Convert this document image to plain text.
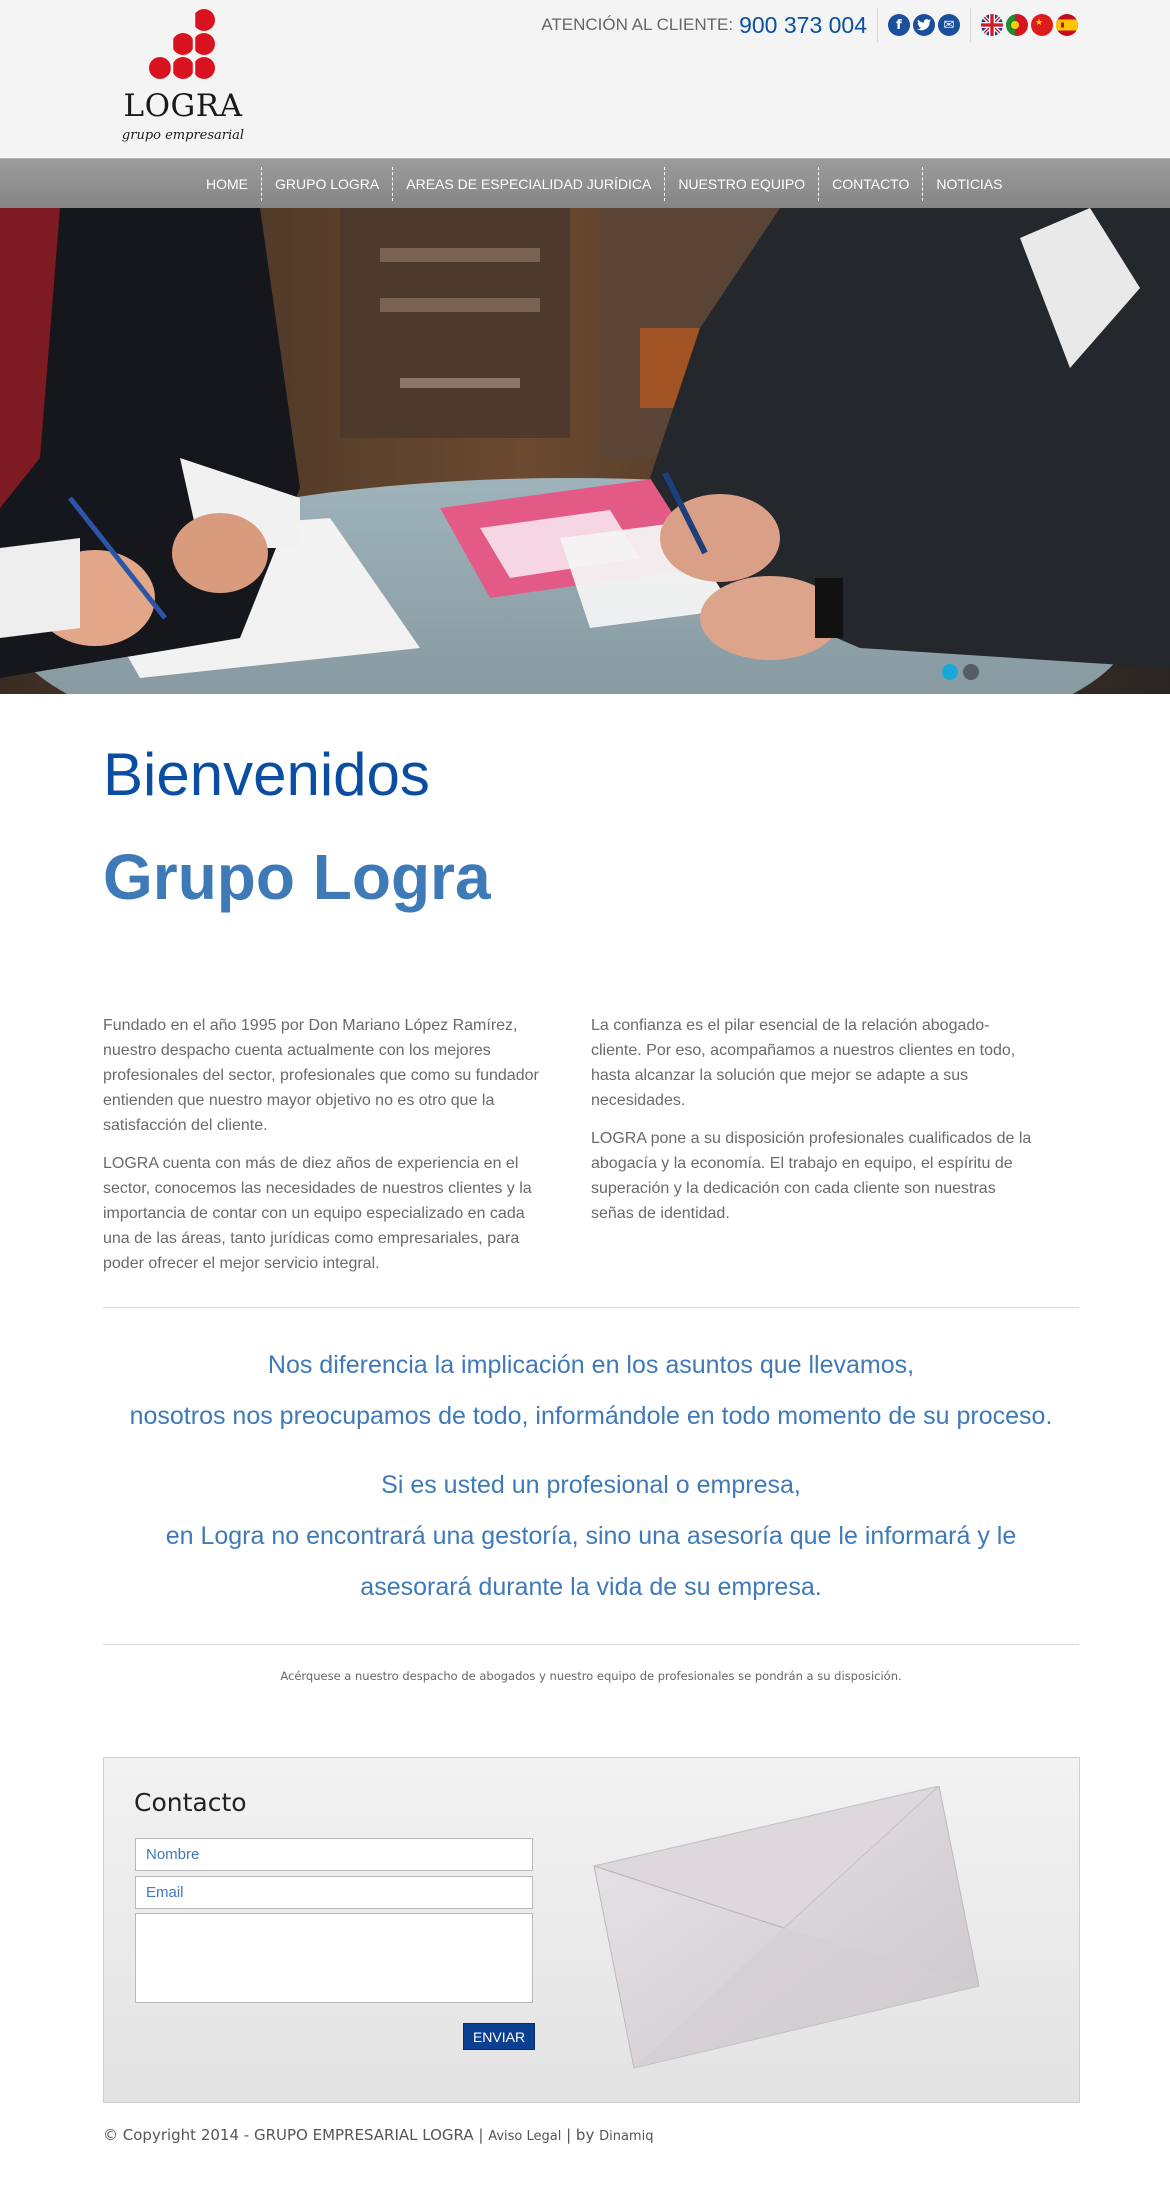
LOGRA
grupo empresarial
ATENCIÓN AL CLIENTE: 900 373 004	f	✉	★
HOME	GRUPO LOGRA	AREAS DE ESPECIALIDAD JURÍDICA	NUESTRO EQUIPO	CONTACTO	NOTICIAS
Bienvenidos
Grupo Logra

Fundado en el año 1995 por Don Mariano López Ramírez, nuestro despacho cuenta actualmente con los mejores profesionales del sector, profesionales que como su fundador entienden que nuestro mayor objetivo no es otro que la satisfacción del cliente.

LOGRA cuenta con más de diez años de experiencia en el sector, conocemos las necesidades de nuestros clientes y la importancia de contar con un equipo especializado en cada una de las áreas, tanto jurídicas como empresariales, para poder ofrecer el mejor servicio integral.

La confianza es el pilar esencial de la relación abogado-cliente. Por eso, acompañamos a nuestros clientes en todo, hasta alcanzar la solución que mejor se adapte a sus necesidades.

LOGRA pone a su disposición profesionales cualificados de la abogacía y la economía. El trabajo en equipo, el espíritu de superación y la dedicación con cada cliente son nuestras señas de identidad.

Nos diferencia la implicación en los asuntos que llevamos,
nosotros nos preocupamos de todo, informándole en todo momento de su proceso.
Si es usted un profesional o empresa,
en Logra no encontrará una gestoría, sino una asesoría que le informará y le
asesorará durante la vida de su empresa.
Acérquese a nuestro despacho de abogados y nuestro equipo de profesionales se pondrán a su disposición.
Contacto
Nombre
Email
ENVIAR
© Copyright 2014 - GRUPO EMPRESARIAL LOGRA | Aviso Legal | by Dinamiq
